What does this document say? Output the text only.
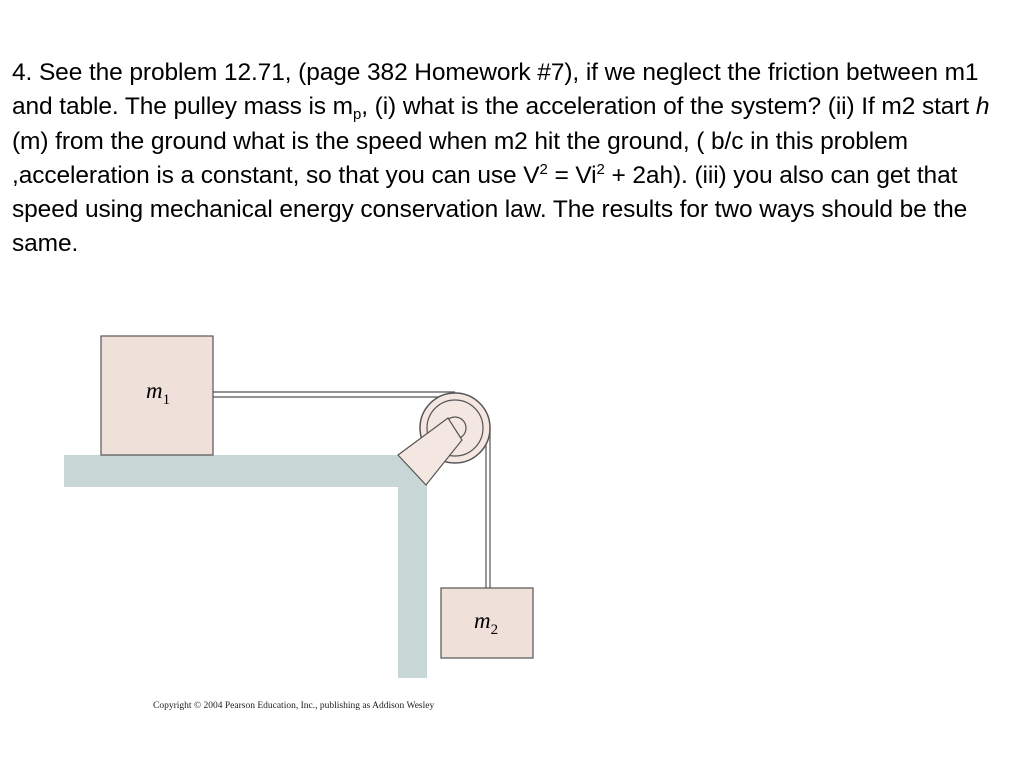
4. See the problem 12.71, (page 382 Homework #7), if we neglect the friction between m1 and table. The pulley mass is $m_p$, (i) what is the acceleration of the system? (ii) If m2 start h (m) from the ground what is the speed when m2 hit the ground, ( b/c in this problem ,acceleration is a constant, so that you can use $V^2 = Vi^2 + 2ah$). (iii) you also can get that speed using mechanical energy conservation law. The results for two ways should be the same.

$m_1$
$m_2$
Copyright © 2004 Pearson Education, Inc., publishing as Addison Wesley
